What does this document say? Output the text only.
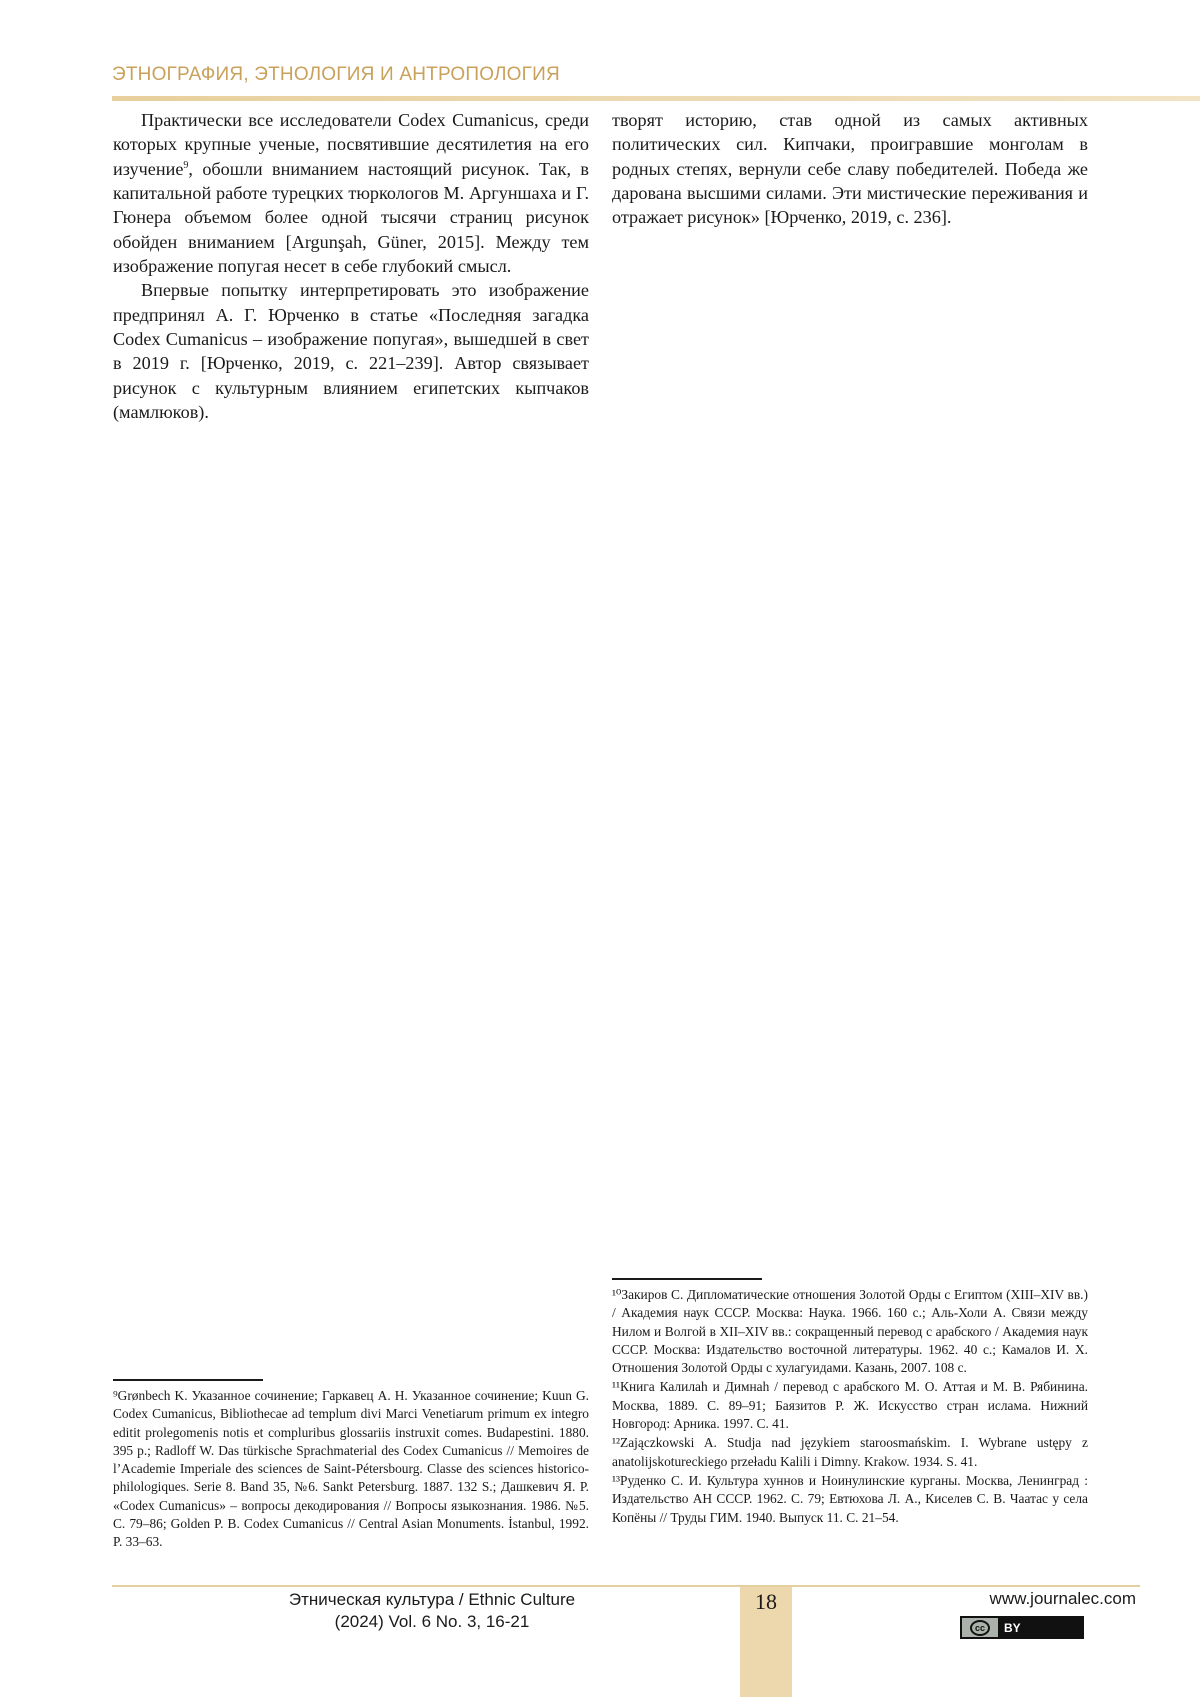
ЭТНОГРАФИЯ, ЭТНОЛОГИЯ И АНТРОПОЛОГИЯ

Практически все исследователи Codex Cumanicus, среди которых крупные ученые, посвятившие десятилетия на его изучение$^9$, обошли вниманием настоящий рисунок. Так, в капитальной работе турецких тюркологов М. Аргуншаха и Г. Гюнера объемом более одной тысячи страниц рисунок обойден вниманием [Argunşah, Güner, 2015]. Между тем изображение попугая несет в себе глубокий смысл.

Впервые попытку интерпретировать это изображение предпринял А. Г. Юрченко в статье «Последняя загадка Codex Cumanicus – изображение попугая», вышедшей в свет в 2019 г. [Юрченко, 2019, с. 221–239]. Автор связывает рисунок с культурным влиянием египетских кыпчаков (мамлюков).

творят историю, став одной из самых активных политических сил. Кипчаки, проигравшие монголам в родных степях, вернули себе славу победителей. Победа же дарована высшими силами. Эти мистические переживания и отражает рисунок» [Юрченко, 2019, с. 236].

⁹Grønbech K. Указанное сочинение; Гаркавец А. Н. Указанное сочинение; Kuun G. Codex Cumanicus, Bibliothecae ad templum divi Marci Venetiarum primum ex integro editit prolegomenis notis et compluribus glossariis instruxit comes. Budapestini. 1880. 395 p.; Radloff W. Das türkische Sprachmaterial des Codex Cumanicus // Memoires de l’Academie Imperiale des sciences de Saint-Pétersbourg. Classe des sciences historico-philologiques. Serie 8. Band 35, №6. Sankt Petersburg. 1887. 132 S.; Дашкевич Я. Р. «Codex Cumanicus» – вопросы декодирования // Вопросы языкознания. 1986. №5. С. 79–86; Golden P. B. Codex Cumanicus // Central Asian Monuments. İstanbul, 1992. P. 33–63.

¹⁰Закиров С. Дипломатические отношения Золотой Орды с Египтом (XIII–XIV вв.) / Академия наук СССР. Москва: Наука. 1966. 160 с.; Аль-Холи А. Связи между Нилом и Волгой в XII–XIV вв.: сокращенный перевод с арабского / Академия наук СССР. Москва: Издательство восточной литературы. 1962. 40 с.; Камалов И. Х. Отношения Золотой Орды с хулагуидами. Казань, 2007. 108 с.

¹¹Книга Калилаh и Димнаh / перевод с арабского М. О. Аттая и М. В. Рябинина. Москва, 1889. С. 89–91; Баязитов Р. Ж. Искусство стран ислама. Нижний Новгород: Арника. 1997. С. 41.

¹²Zajączkowski A. Studja nad językiem staroosmańskim. I. Wybrane ustępy z anatolijskotureckiego przeładu Kalili i Dimny. Krakow. 1934. S. 41.

¹³Руденко С. И. Культура хуннов и Ноинулинские курганы. Москва, Ленинград : Издательство АН СССР. 1962. С. 79; Евтюхова Л. А., Киселев С. В. Чаатас у села Копёны // Труды ГИМ. 1940. Выпуск 11. С. 21–54.

18
Этническая культура / Ethnic Culture
(2024) Vol. 6 No. 3, 16-21
www.journalec.com
cc	BY
